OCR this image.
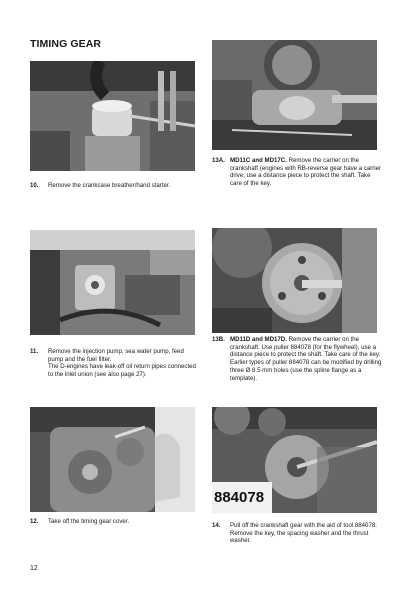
TIMING GEAR

10. Remove the crankcase breather/hand starter.

11. Remove the injection pump, sea water pump, feed pump and the fuel filter.
The D-engines have leak-off oil return pipes connected to the inlet union (see also page 27).

12. Take off the timing gear cover.

13A. MD11C and MD17C. Remove the carrier on the crankshaft (engines with RB-reverse gear have a carrier drive, use a distance piece to protect the shaft. Take care of the key.

13B. MD11D and MD17D. Remove the carrier on the crankshaft. Use puller 884078 (for the flywheel), use a distance piece to protect the shaft. Take care of the key. Earlier types of puller 884078 can be modified by drilling three Ø 8.5 mm holes (use the spline flange as a template).

884078

14. Pull off the crankshaft gear with the aid of tool 884078. Remove the key, the spacing washer and the thrust washer.

12
